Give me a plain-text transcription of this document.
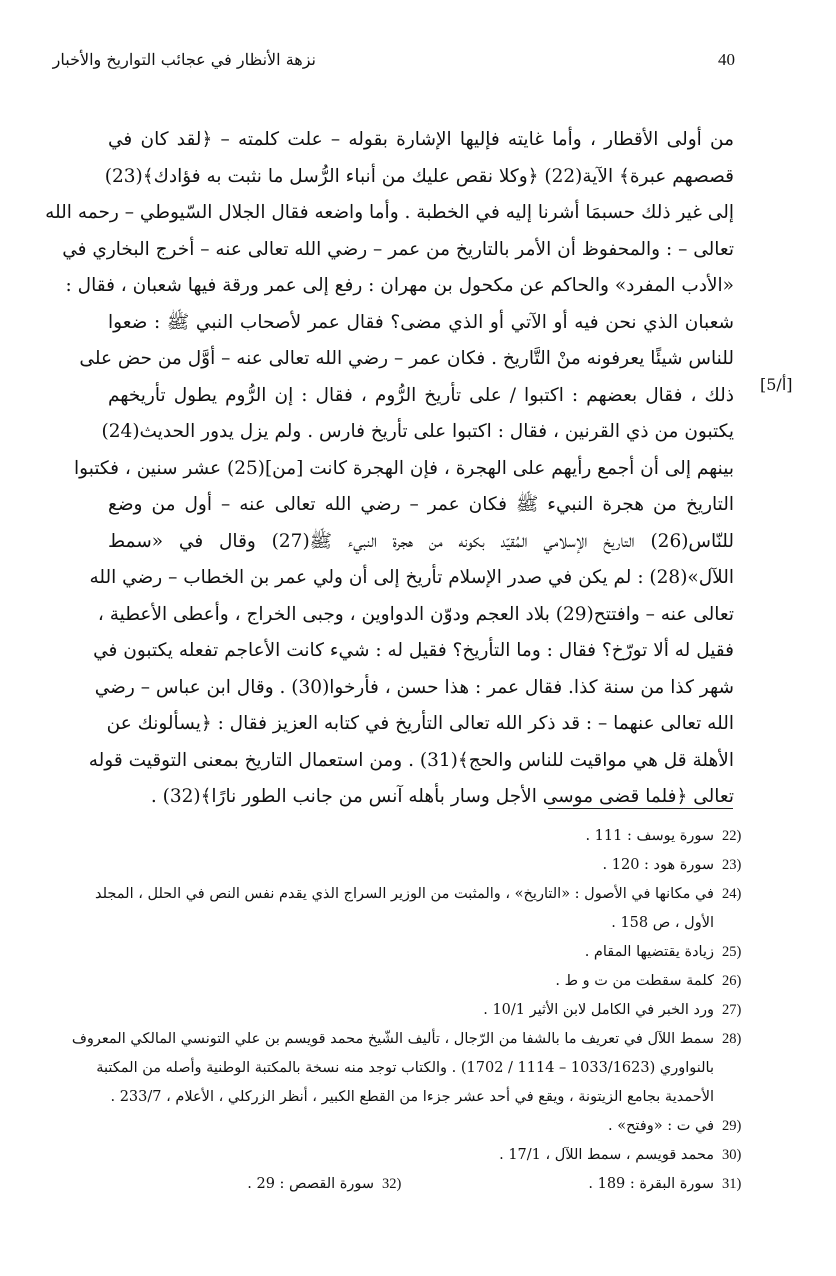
40
نزهة الأنظار في عجائب التواريخ والأخبار
[5/أ]
من أولى الأقطار ، وأما غايته فإليها الإشارة بقوله – علت كلمته – ﴿لقد كان في
قصصهم عبرة﴾ الآية(22) ﴿وكلا نقص عليك من أنباء الرُّسل ما نثبت به فؤادك﴾(23)
إلى غير ذلك حسبمَا أشرنا إليه في الخطبة . وأما واضعه فقال الجلال السّيوطي – رحمه الله
تعالى – : والمحفوظ أن الأمر بالتاريخ من عمر – رضي الله تعالى عنه – أخرج البخاري في
«الأدب المفرد» والحاكم عن مكحول بن مهران : رفع إلى عمر ورقة فيها شعبان ، فقال :
شعبان الذي نحن فيه أو الآتي أو الذي مضى؟ فقال عمر لأصحاب النبي ﷺ : ضعوا
للناس شيئًا يعرفونه منْ التَّاريخ . فكان عمر – رضي الله تعالى عنه – أوَّل من حض على
ذلك ، فقال بعضهم : اكتبوا / على تأريخ الرُّوم ، فقال : إن الرُّوم يطول تأريخهم
يكتبون من ذي القرنين ، فقال : اكتبوا على تأريخ فارس . ولم يزل يدور الحديث(24)
بينهم إلى أن أجمع رأيهم على الهجرة ، فإن الهجرة كانت [من](25) عشر سنين ، فكتبوا
التاريخ من هجرة النبيء ﷺ فكان عمر – رضي الله تعالى عنه – أول من وضع
للنّاس(26) التاريخ الإسلامي المُقيّد بكونه من هجرة النبيء ﷺ(27) وقال في «سمط
اللآل»(28) : لم يكن في صدر الإسلام تأريخ إلى أن ولي عمر بن الخطاب – رضي الله
تعالى عنه – وافتتح(29) بلاد العجم ودوّن الدواوين ، وجبى الخراج ، وأعطى الأعطية ،
فقيل له ألا تورّخ؟ فقال : وما التأريخ؟ فقيل له : شيء كانت الأعاجم تفعله يكتبون في
شهر كذا من سنة كذا. فقال عمر : هذا حسن ، فأرخوا(30) . وقال ابن عباس – رضي
الله تعالى عنهما – : قد ذكر الله تعالى التأريخ في كتابه العزيز فقال : ﴿يسألونك عن
الأهلة قل هي مواقيت للناس والحج﴾(31) . ومن استعمال التاريخ بمعنى التوقيت قوله
تعالى ﴿فلما قضى موسى الأجل وسار بأهله آنس من جانب الطور نارًا﴾(32) .
22)
سورة يوسف : 111 .
23)
سورة هود : 120 .
24)
في مكانها في الأصول : «التاريخ» ، والمثبت من الوزير السراج الذي يقدم نفس النص في الحلل ، المجلد
الأول ، ص 158 .
25)
زيادة يقتضيها المقام .
26)
كلمة سقطت من ت و ط .
27)
ورد الخبر في الكامل لابن الأثير 10/1 .
28)
سمط اللآل في تعريف ما بالشفا من الرّجال ، تأليف الشّيخ محمد قويسم بن علي التونسي المالكي المعروف
بالنواوري (1033/1623 – 1114 / 1702) . والكتاب توجد منه نسخة بالمكتبة الوطنية وأصله من المكتبة
الأحمدية بجامع الزيتونة ، ويقع في أحد عشر جزءا من القطع الكبير ، أنظر الزركلي ، الأعلام ، 233/7 .
29)
في ت : «وفتح» .
30)
محمد قويسم ، سمط اللآل ، 17/1 .
31)
سورة البقرة : 189 .
32)
سورة القصص : 29 .
